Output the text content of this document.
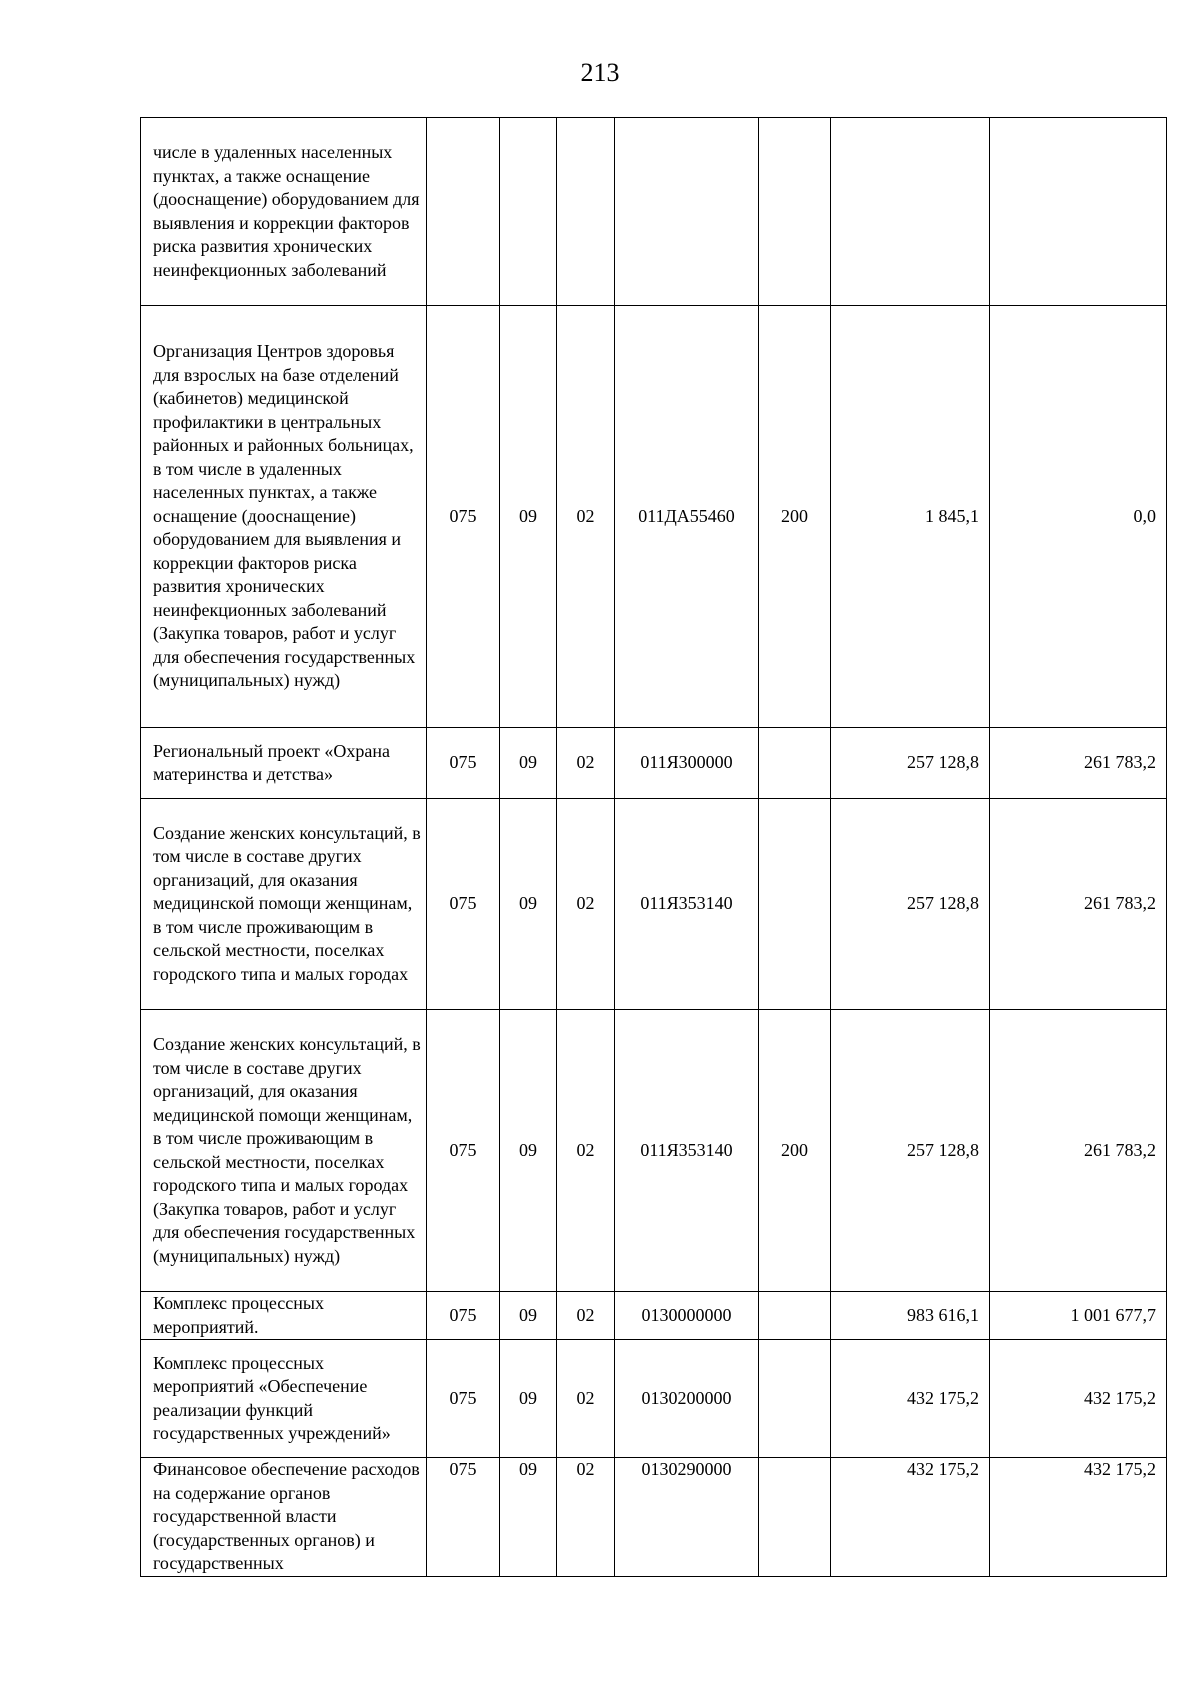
213
числе в удаленных населенных пунктах, а также оснащение (дооснащение) оборудованием для выявления и коррекции факторов риска развития хронических неинфекционных заболеваний							
Организация Центров здоровья для взрослых на базе отделений (кабинетов) медицинской профилактики в центральных районных и районных больницах, в том числе в удаленных населенных пунктах, а также оснащение (дооснащение) оборудованием для выявления и коррекции факторов риска развития хронических неинфекционных заболеваний (Закупка товаров, работ и услуг для обеспечения государственных (муниципальных) нужд)	075	09	02	011ДА55460	200	1 845,1	0,0
Региональный проект «Охрана материнства и детства»	075	09	02	011Я300000		257 128,8	261 783,2
Создание женских консультаций, в том числе в составе других организаций, для оказания медицинской помощи женщинам, в том числе проживающим в сельской местности, поселках городского типа и малых городах	075	09	02	011Я353140		257 128,8	261 783,2
Создание женских консультаций, в том числе в составе других организаций, для оказания медицинской помощи женщинам, в том числе проживающим в сельской местности, поселках городского типа и малых городах (Закупка товаров, работ и услуг для обеспечения государственных (муниципальных) нужд)	075	09	02	011Я353140	200	257 128,8	261 783,2
Комплекс процессных мероприятий.	075	09	02	0130000000		983 616,1	1 001 677,7
Комплекс процессных мероприятий «Обеспечение реализации функций государственных учреждений»	075	09	02	0130200000		432 175,2	432 175,2
Финансовое обеспечение расходов на содержание органов государственной власти (государственных органов) и государственных	075	09	02	0130290000		432 175,2	432 175,2
